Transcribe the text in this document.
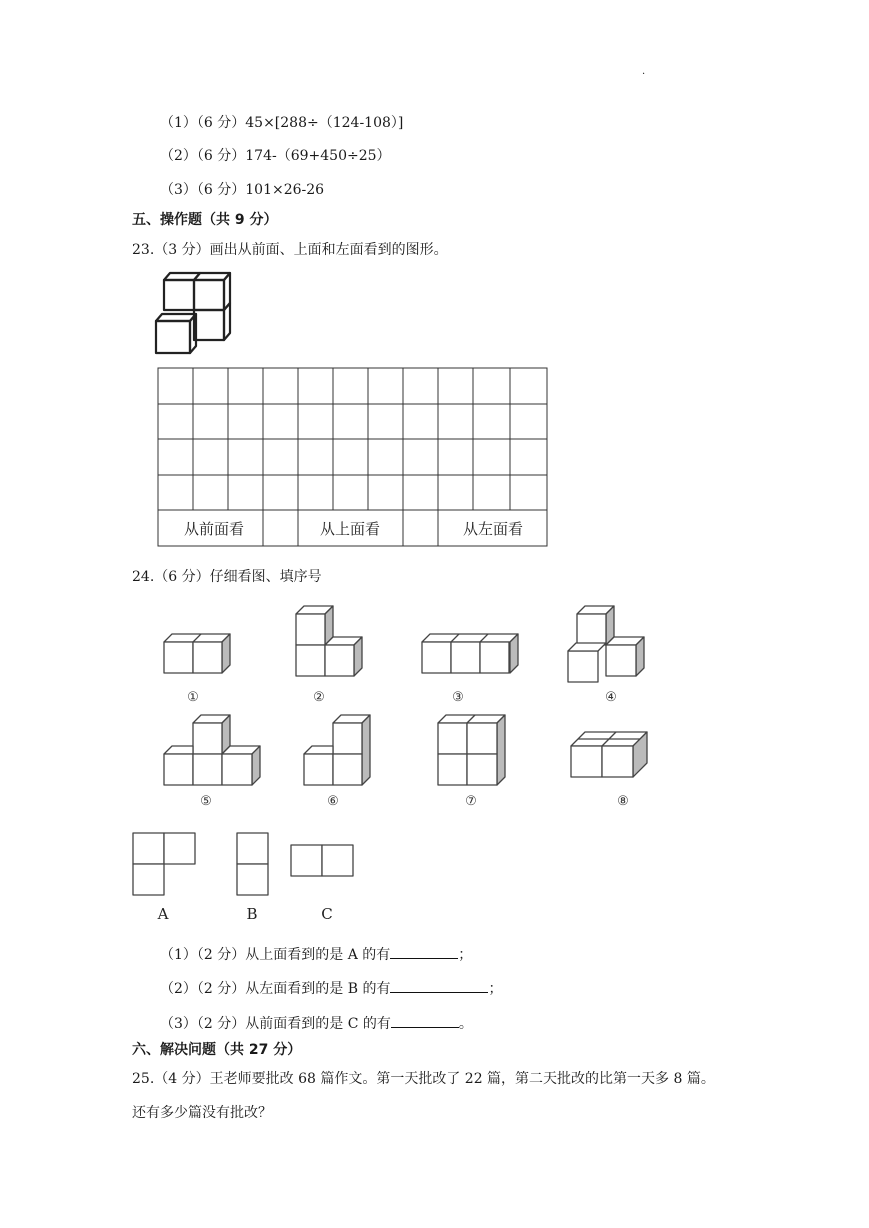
.
（1）（6 分）45×[288÷（124-108）]
（2）（6 分）174-（69+450÷25）
（3）（6 分）101×26-26
五、操作题（共 9 分）
23.（3 分）画出从前面、上面和左面看到的图形。
从前面看	从上面看	从左面看
24.（6 分）仔细看图、填序号
①	②	③	④
⑤	⑥	⑦	⑧
A	B	C
（1）（2 分）从上面看到的是 A 的有	；
（2）（2 分）从左面看到的是 B 的有	；
（3）（2 分）从前面看到的是 C 的有	。
六、解决问题（共 27 分）
25.（4 分）王老师要批改 68 篇作文。第一天批改了 22 篇，第二天批改的比第一天多 8 篇。
还有多少篇没有批改？
